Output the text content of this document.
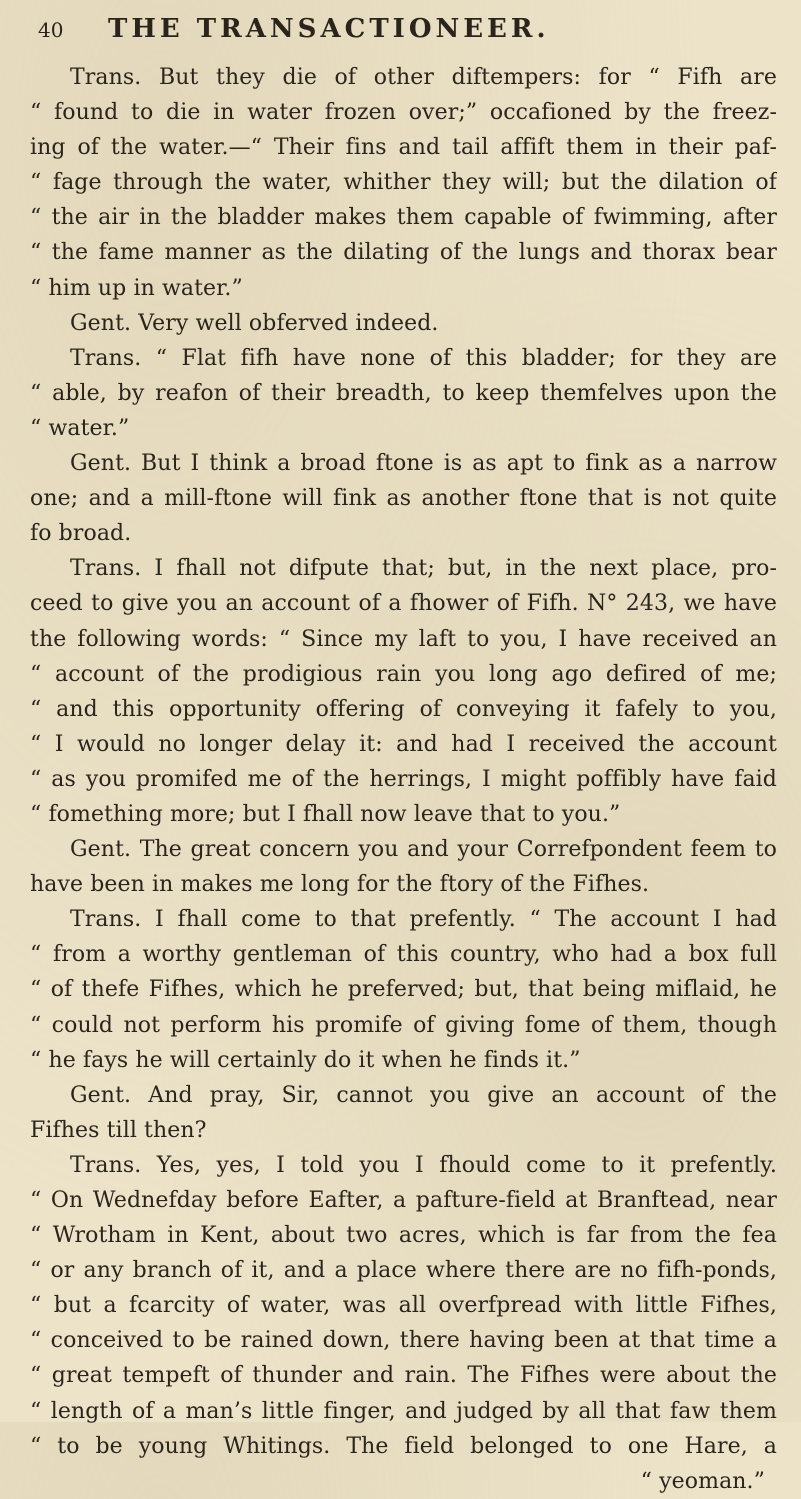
40	THE TRANSACTIONEER.

Trans. But they die of other diftempers: for “ Fifh are
“ found to die in water frozen over;” occafioned by the freez-
ing of the water.—“ Their fins and tail affift them in their paf-
“ fage through the water, whither they will; but the dilation of
“ the air in the bladder makes them capable of fwimming, after
“ the fame manner as the dilating of the lungs and thorax bear
“ him up in water.”
Gent. Very well obferved indeed.
Trans. “ Flat fifh have none of this bladder; for they are
“ able, by reafon of their breadth, to keep themfelves upon the
“ water.”
Gent. But I think a broad ftone is as apt to fink as a narrow
one; and a mill-ftone will fink as another ftone that is not quite
fo broad.
Trans. I fhall not difpute that; but, in the next place, pro-
ceed to give you an account of a fhower of Fifh. N° 243, we have
the following words: “ Since my laft to you, I have received an
“ account of the prodigious rain you long ago defired of me;
“ and this opportunity offering of conveying it fafely to you,
“ I would no longer delay it: and had I received the account
“ as you promifed me of the herrings, I might poffibly have faid
“ fomething more; but I fhall now leave that to you.”
Gent. The great concern you and your Correfpondent feem to
have been in makes me long for the ftory of the Fifhes.
Trans. I fhall come to that prefently. “ The account I had
“ from a worthy gentleman of this country, who had a box full
“ of thefe Fifhes, which he preferved; but, that being miflaid, he
“ could not perform his promife of giving fome of them, though
“ he fays he will certainly do it when he finds it.”
Gent. And pray, Sir, cannot you give an account of the
Fifhes till then?
Trans. Yes, yes, I told you I fhould come to it prefently.
“ On Wednefday before Eafter, a pafture-field at Branftead, near
“ Wrotham in Kent, about two acres, which is far from the fea
“ or any branch of it, and a place where there are no fifh-ponds,
“ but a fcarcity of water, was all overfpread with little Fifhes,
“ conceived to be rained down, there having been at that time a
“ great tempeft of thunder and rain. The Fifhes were about the
“ length of a man’s little finger, and judged by all that faw them
“ to be young Whitings. The field belonged to one Hare, a
“ yeoman.”
